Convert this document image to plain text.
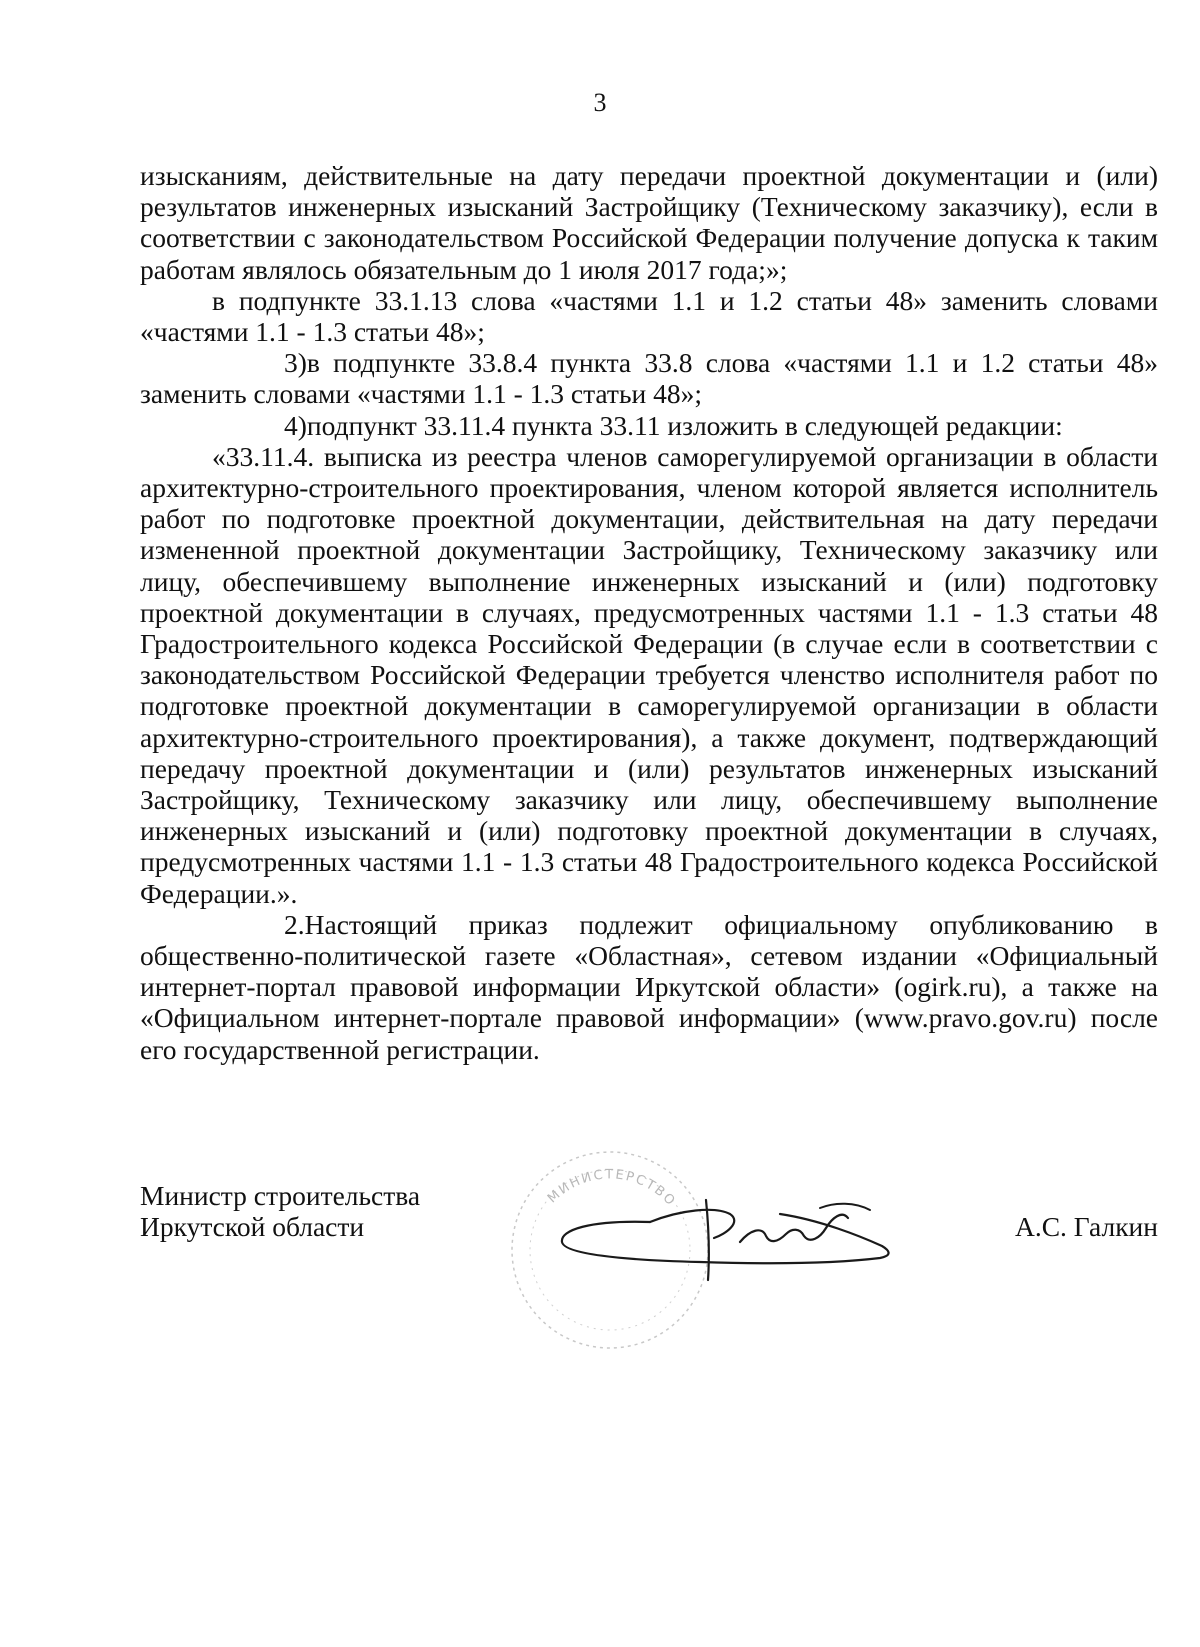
3

изысканиям, действительные на дату передачи проектной документации и (или) результатов инженерных изысканий Застройщику (Техническому заказчику), если в соответствии с законодательством Российской Федерации получение допуска к таким работам являлось обязательным до 1 июля 2017 года;»;

в подпункте 33.1.13 слова «частями 1.1 и 1.2 статьи 48» заменить словами «частями 1.1 - 1.3 статьи 48»;

3)в подпункте 33.8.4 пункта 33.8 слова «частями 1.1 и 1.2 статьи 48» заменить словами «частями 1.1 - 1.3 статьи 48»;

4)подпункт 33.11.4 пункта 33.11 изложить в следующей редакции:

«33.11.4. выписка из реестра членов саморегулируемой организации в области архитектурно-строительного проектирования, членом которой является исполнитель работ по подготовке проектной документации, действительная на дату передачи измененной проектной документации Застройщику, Техническому заказчику или лицу, обеспечившему выполнение инженерных изысканий и (или) подготовку проектной документации в случаях, предусмотренных частями 1.1 - 1.3 статьи 48 Градостроительного кодекса Российской Федерации (в случае если в соответствии с законодательством Российской Федерации требуется членство исполнителя работ по подготовке проектной документации в саморегулируемой организации в области архитектурно-строительного проектирования), а также документ, подтверждающий передачу проектной документации и (или) результатов инженерных изысканий Застройщику, Техническому заказчику или лицу, обеспечившему выполнение инженерных изысканий и (или) подготовку проектной документации в случаях, предусмотренных частями 1.1 - 1.3 статьи 48 Градостроительного кодекса Российской Федерации.».

2.Настоящий приказ подлежит официальному опубликованию в общественно-политической газете «Областная», сетевом издании «Официальный интернет-портал правовой информации Иркутской области» (ogirk.ru), а также на «Официальном интернет-портале правовой информации» (www.pravo.gov.ru) после его государственной регистрации.

Министр строительства
Иркутской области
МИНИСТЕРСТВО
А.С. Галкин
